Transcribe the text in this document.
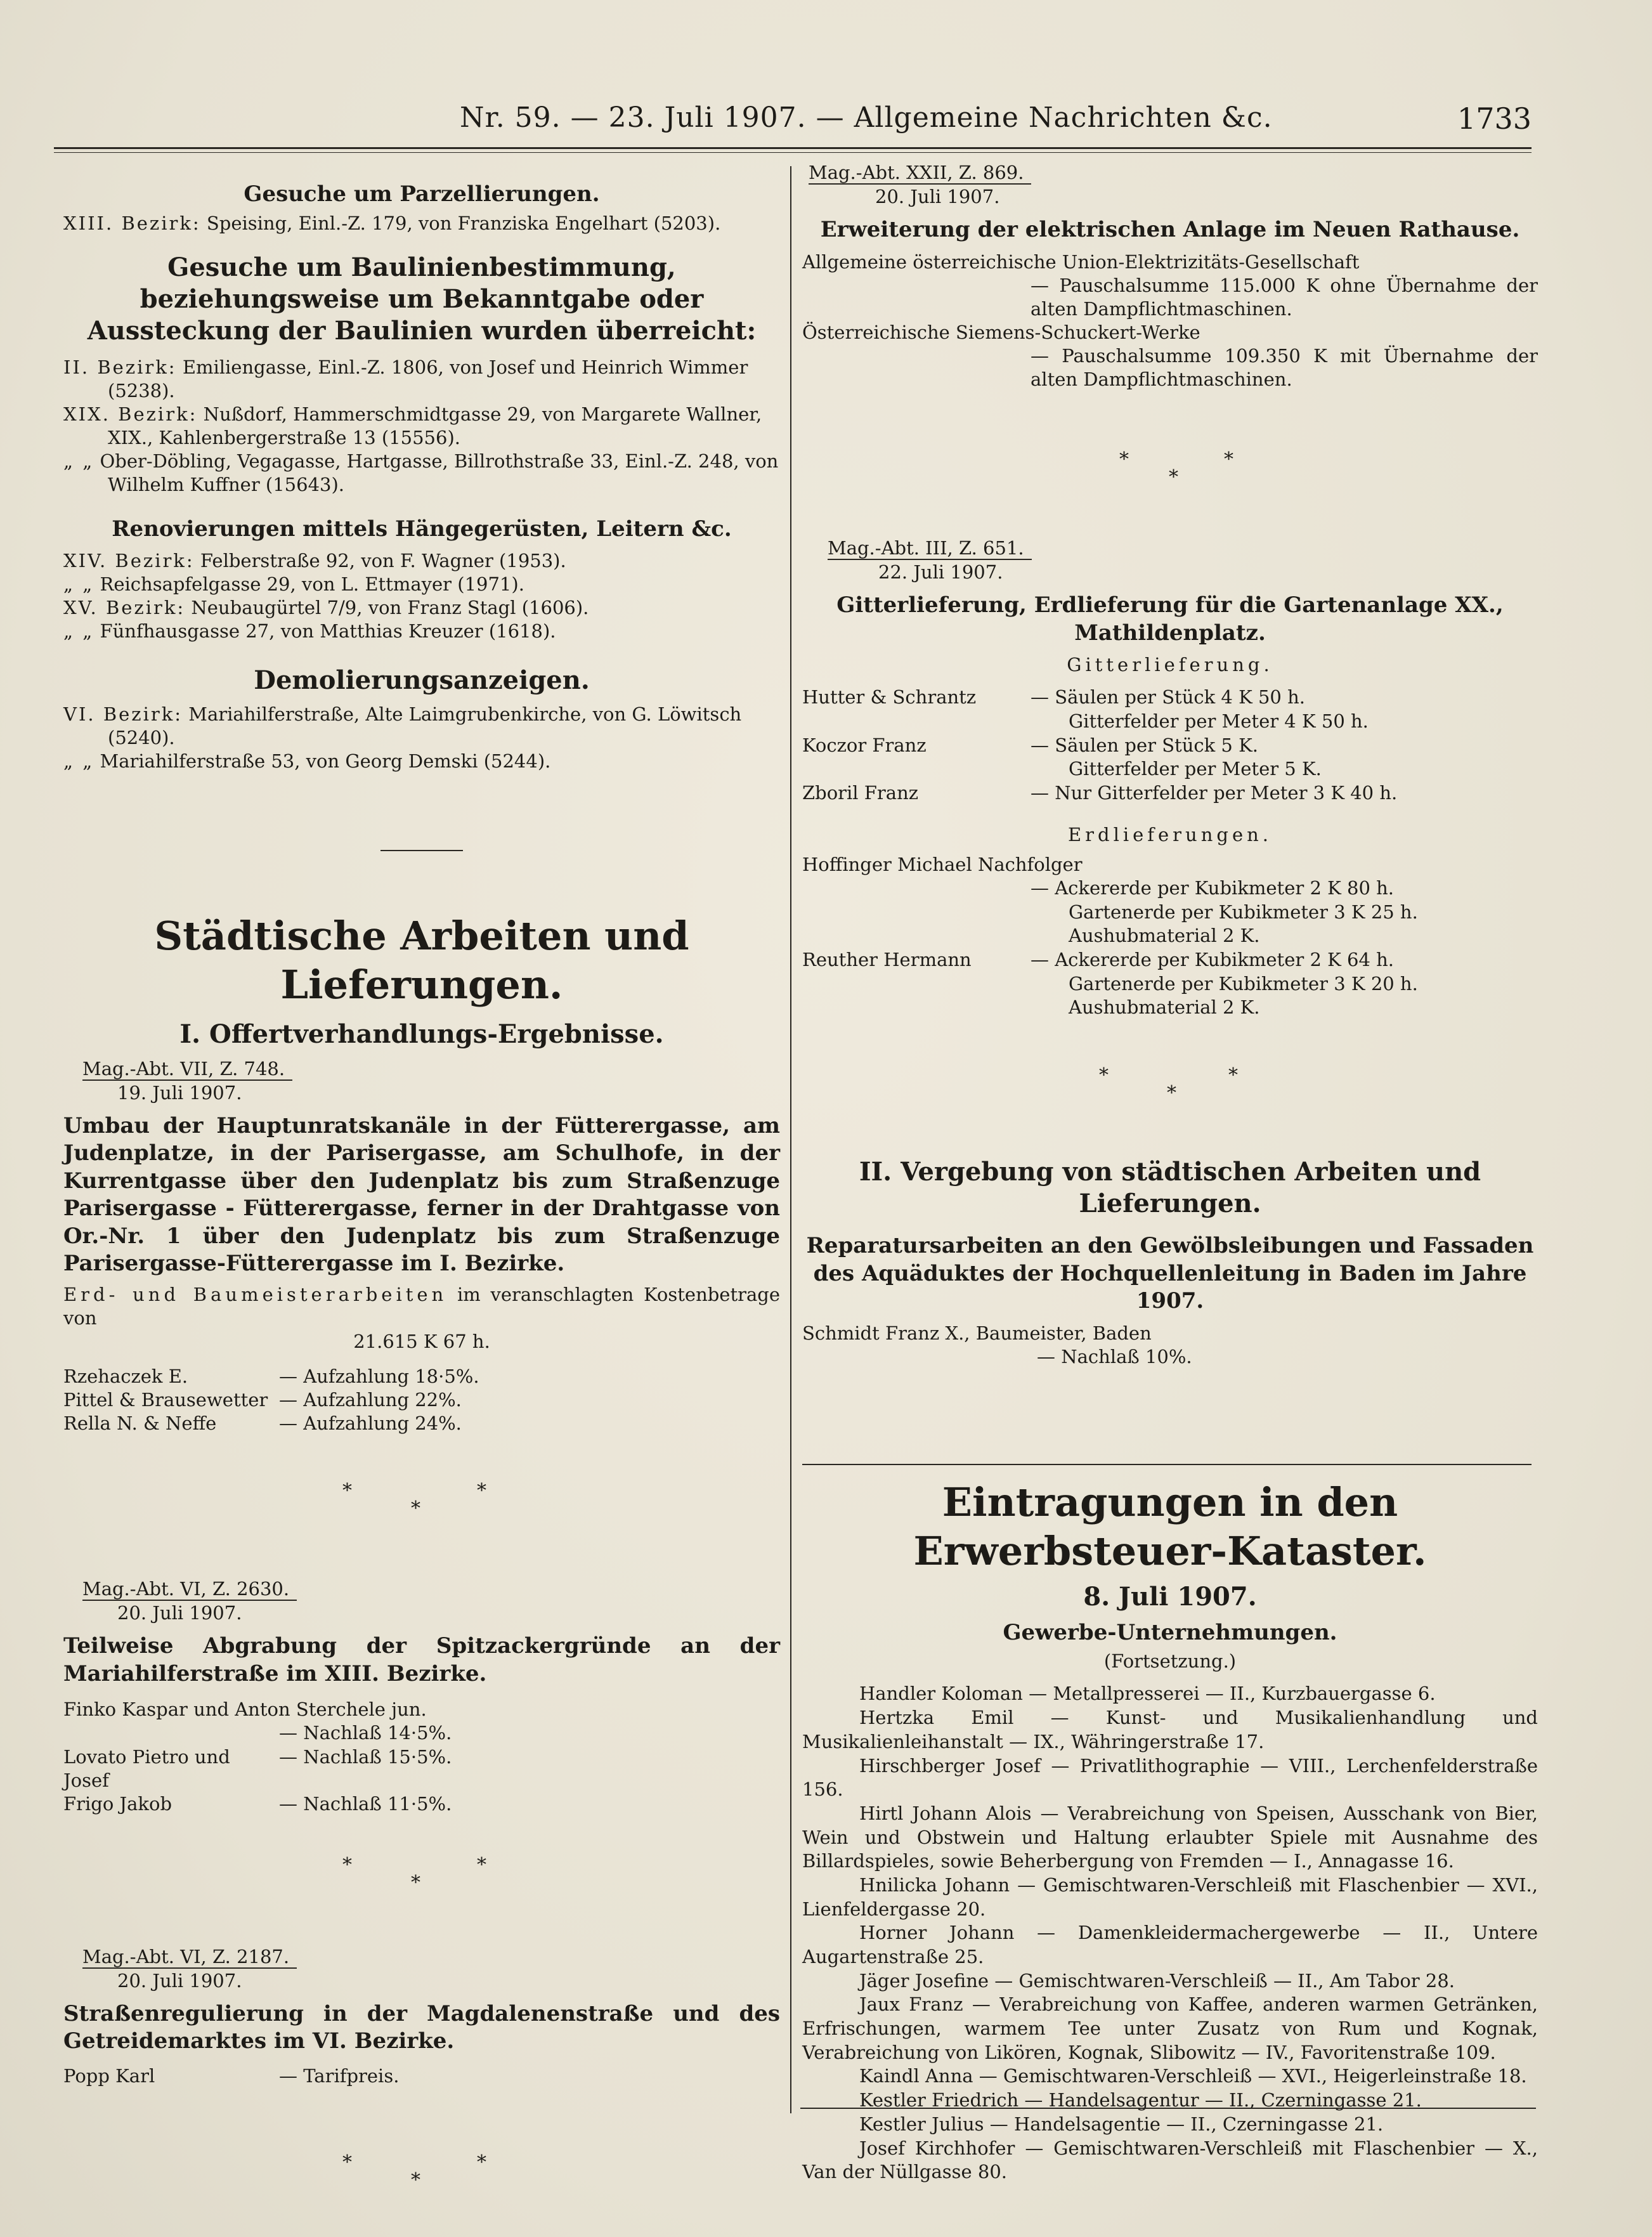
Nr. 59. — 23. Juli 1907. — Allgemeine Nachrichten &c.	1733
Gesuche um Parzellierungen.
XIII. Bezirk: Speising, Einl.-Z. 179, von Franziska Engelhart (5203).
Gesuche um Baulinienbestimmung, beziehungsweise um Bekanntgabe oder Aussteckung der Baulinien wurden überreicht:
II. Bezirk: Emiliengasse, Einl.-Z. 1806, von Josef und Heinrich Wimmer (5238).
XIX. Bezirk: Nußdorf, Hammerschmidtgasse 29, von Margarete Wallner, XIX., Kahlenbergerstraße 13 (15556).
„ „ Ober-Döbling, Vegagasse, Hartgasse, Billrothstraße 33, Einl.-Z. 248, von Wilhelm Kuffner (15643).
Renovierungen mittels Hängegerüsten, Leitern &c.
XIV. Bezirk: Felberstraße 92, von F. Wagner (1953).
„ „ Reichsapfelgasse 29, von L. Ettmayer (1971).
XV. Bezirk: Neubaugürtel 7/9, von Franz Stagl (1606).
„ „ Fünfhausgasse 27, von Matthias Kreuzer (1618).
Demolierungsanzeigen.
VI. Bezirk: Mariahilferstraße, Alte Laimgrubenkirche, von G. Löwitsch (5240).
„ „ Mariahilferstraße 53, von Georg Demski (5244).
Städtische Arbeiten und Lieferungen.
I. Offertverhandlungs-Ergebnisse.
Mag.-Abt. VII, Z. 748.
19. Juli 1907.
Umbau der Hauptunratskanäle in der Fütterergasse, am Judenplatze, in der Parisergasse, am Schulhofe, in der Kurrentgasse über den Judenplatz bis zum Straßenzuge Parisergasse - Fütterergasse, ferner in der Drahtgasse von Or.-Nr. 1 über den Judenplatz bis zum Straßenzuge Parisergasse-Fütterergasse im I. Bezirke.
Erd- und Baumeisterarbeiten im veranschlagten Kostenbetrage von
21.615 K 67 h.
Rzehaczek E.	— Aufzahlung 18·5%.
Pittel & Brausewetter — Aufzahlung 22%.
Rella N. & Neffe	— Aufzahlung 24%.
*	*
*
Mag.-Abt. VI, Z. 2630.
20. Juli 1907.
Teilweise Abgrabung der Spitzackergründe an der Mariahilferstraße im XIII. Bezirke.
Finko Kaspar und Anton Sterchele jun.
— Nachlaß 14·5%.
Lovato Pietro und Josef
— Nachlaß 15·5%.
Frigo Jakob	— Nachlaß 11·5%.
*	*
*
Mag.-Abt. VI, Z. 2187.
20. Juli 1907.
Straßenregulierung in der Magdalenenstraße und des Getreidemarktes im VI. Bezirke.
Popp Karl	— Tarifpreis.
*	*
*
Mag.-Abt. XXII, Z. 869.
20. Juli 1907.
Erweiterung der elektrischen Anlage im Neuen Rathause.
Allgemeine österreichische Union-Elektrizitäts-Gesellschaft
— Pauschalsumme 115.000 K ohne Übernahme der alten Dampflichtmaschinen.
Österreichische Siemens-Schuckert-Werke
— Pauschalsumme 109.350 K mit Übernahme der alten Dampflichtmaschinen.
*	*
*
Mag.-Abt. III, Z. 651.
22. Juli 1907.
Gitterlieferung, Erdlieferung für die Gartenanlage XX., Mathildenplatz.
Gitterlieferung.
Hutter & Schrantz	— Säulen per Stück 4 K 50 h.
Gitterfelder per Meter 4 K 50 h.
Koczor Franz	— Säulen per Stück 5 K.
Gitterfelder per Meter 5 K.
Zboril Franz	— Nur Gitterfelder per Meter 3 K 40 h.
Erdlieferungen.
Hoffinger Michael Nachfolger
— Ackererde per Kubikmeter 2 K 80 h.
Gartenerde per Kubikmeter 3 K 25 h.
Aushubmaterial 2 K.
Reuther Hermann	— Ackererde per Kubikmeter 2 K 64 h.
Gartenerde per Kubikmeter 3 K 20 h.
Aushubmaterial 2 K.
*	*
*
II. Vergebung von städtischen Arbeiten und Lieferungen.
Reparatursarbeiten an den Gewölbsleibungen und Fassaden des Aquäduktes der Hochquellenleitung in Baden im Jahre 1907.
Schmidt Franz X., Baumeister, Baden
— Nachlaß 10%.
Eintragungen in den Erwerbsteuer-Kataster.
8. Juli 1907.
Gewerbe-Unternehmungen.
(Fortsetzung.)
Handler Koloman — Metallpresserei — II., Kurzbauergasse 6.
Hertzka Emil — Kunst- und Musikalienhandlung und Musikalienleihanstalt — IX., Währingerstraße 17.
Hirschberger Josef — Privatlithographie — VIII., Lerchenfelderstraße 156.
Hirtl Johann Alois — Verabreichung von Speisen, Ausschank von Bier, Wein und Obstwein und Haltung erlaubter Spiele mit Ausnahme des Billardspieles, sowie Beherbergung von Fremden — I., Annagasse 16.
Hnilicka Johann — Gemischtwaren-Verschleiß mit Flaschenbier — XVI., Lienfeldergasse 20.
Horner Johann — Damenkleidermachergewerbe — II., Untere Augartenstraße 25.
Jäger Josefine — Gemischtwaren-Verschleiß — II., Am Tabor 28.
Jaux Franz — Verabreichung von Kaffee, anderen warmen Getränken, Erfrischungen, warmem Tee unter Zusatz von Rum und Kognak, Verabreichung von Likören, Kognak, Slibowitz — IV., Favoritenstraße 109.
Kaindl Anna — Gemischtwaren-Verschleiß — XVI., Heigerleinstraße 18.
Kestler Friedrich — Handelsagentur — II., Czerningasse 21.
Kestler Julius — Handelsagentie — II., Czerningasse 21.
Josef Kirchhofer — Gemischtwaren-Verschleiß mit Flaschenbier — X., Van der Nüllgasse 80.
